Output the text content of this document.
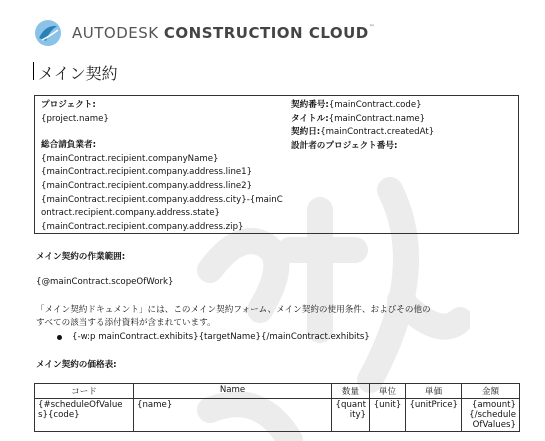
AUTODESK CONSTRUCTION CLOUD™
メイン契約
プロジェクト:
{project.name}
総合請負業者:
{mainContract.recipient.companyName}
{mainContract.recipient.company.address.line1}
{mainContract.recipient.company.address.line2}
{mainContract.recipient.company.address.city}-{mainContract.recipient.company.address.state}
{mainContract.recipient.company.address.zip}
契約番号:{mainContract.code}
タイトル:{mainContract.name}
契約日:{mainContract.createdAt}
設計者のプロジェクト番号:
メイン契約の作業範囲:
{@mainContract.scopeOfWork}
「メイン契約ドキュメント」には、このメイン契約フォーム、メイン契約の使用条件、およびその他の
すべての該当する添付資料が含まれています。
{-w:p mainContract.exhibits}{targetName}{/mainContract.exhibits}
メイン契約の価格表:
コード	Name	数量	単位	単価	金額
{#scheduleOfValues}{code}	{name}	{quantity}	{unit}	{unitPrice}	{amount}{/scheduleOfValues}
